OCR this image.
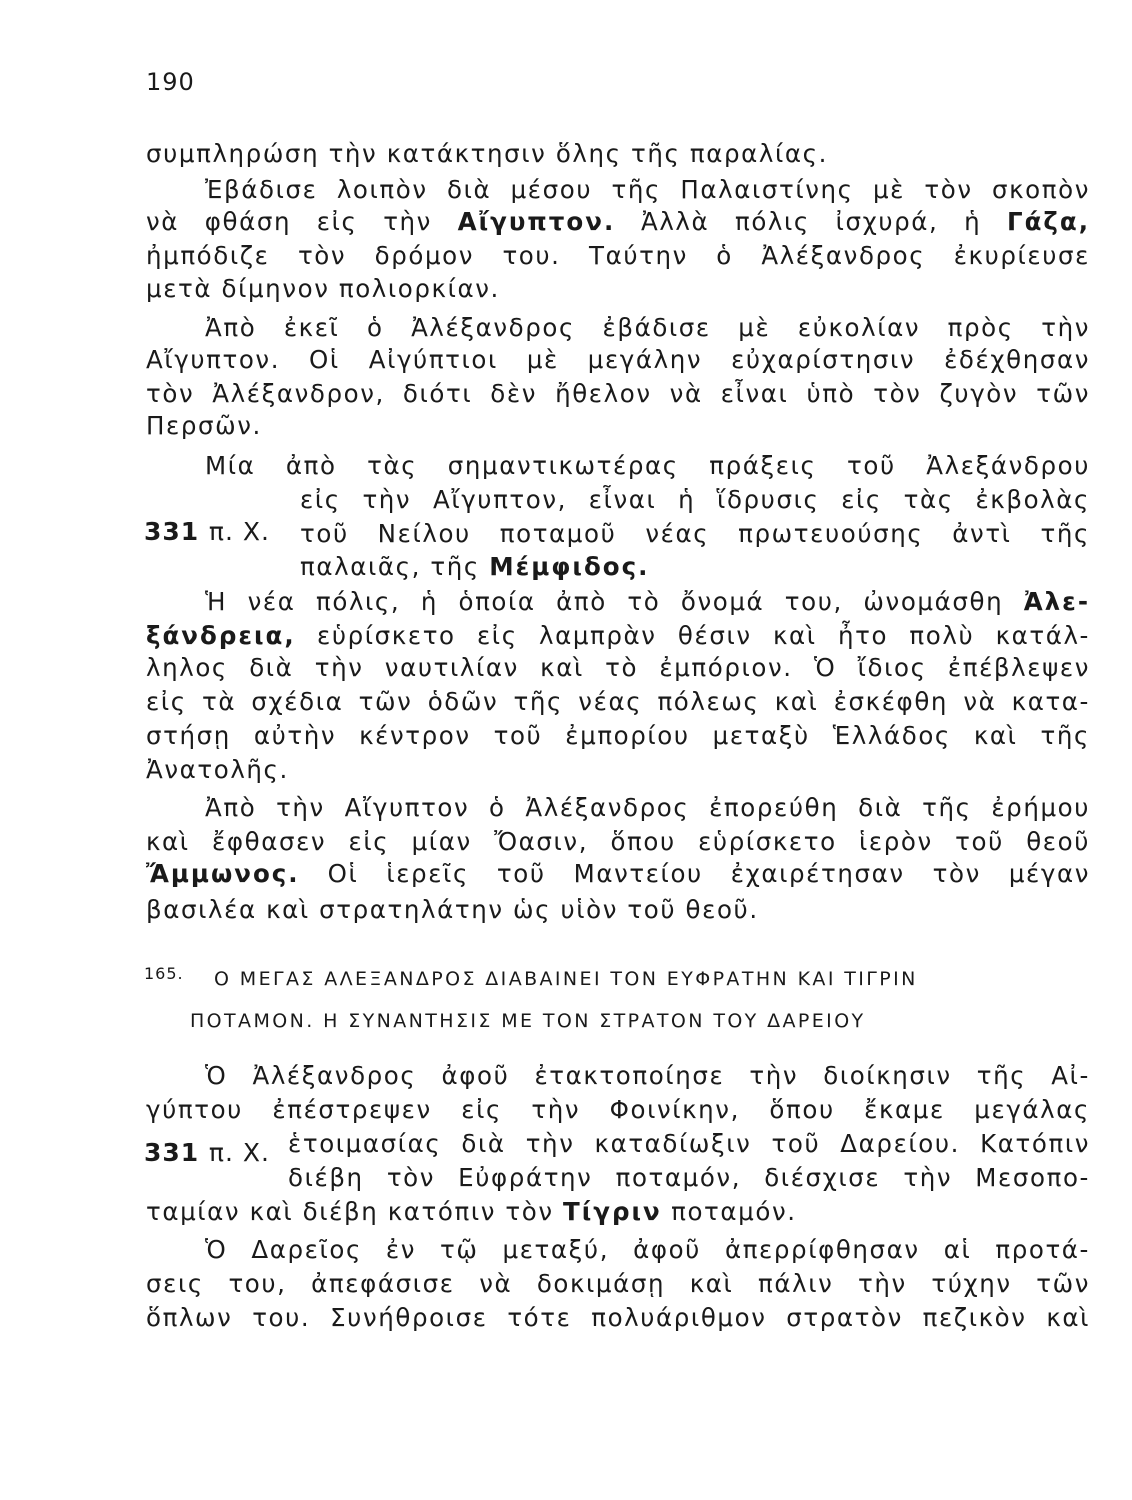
190
συμπληρώση τὴν κατάκτησιν ὅλης τῆς παραλίας.
Ἐβάδισε λοιπὸν διὰ μέσου τῆς Παλαιστίνης μὲ τὸν σκοπὸν
νὰ φθάση εἰς τὴν Αἴγυπτον. Ἀλλὰ πόλις ἰσχυρά, ἡ Γάζα,
ἠμπόδιζε τὸν δρόμον του. Ταύτην ὁ Ἀλέξανδρος ἐκυρίευσε
μετὰ δίμηνον πολιορκίαν.
Ἀπὸ ἐκεῖ ὁ Ἀλέξανδρος ἐβάδισε μὲ εὐκολίαν πρὸς τὴν
Αἴγυπτον. Οἱ Αἰγύπτιοι μὲ μεγάλην εὐχαρίστησιν ἐδέχθησαν
τὸν Ἀλέξανδρον, διότι δὲν ἤθελον νὰ εἶναι ὑπὸ τὸν ζυγὸν τῶν
Περσῶν.
Μία ἀπὸ τὰς σημαντικωτέρας πράξεις τοῦ Ἀλεξάνδρου
εἰς τὴν Αἴγυπτον, εἶναι ἡ ἵδρυσις εἰς τὰς ἐκβολὰς
τοῦ Νείλου ποταμοῦ νέας πρωτευούσης ἀντὶ τῆς
παλαιᾶς, τῆς Μέμφιδος.
331 π. Χ.
Ἡ νέα πόλις, ἡ ὁποία ἀπὸ τὸ ὄνομά του, ὠνομάσθη Ἀλε-
ξάνδρεια, εὑρίσκετο εἰς λαμπρὰν θέσιν καὶ ἦτο πολὺ κατάλ-
ληλος διὰ τὴν ναυτιλίαν καὶ τὸ ἐμπόριον. Ὁ ἴδιος ἐπέβλεψεν
εἰς τὰ σχέδια τῶν ὁδῶν τῆς νέας πόλεως καὶ ἐσκέφθη νὰ κατα-
στήσῃ αὐτὴν κέντρον τοῦ ἐμπορίου μεταξὺ Ἑλλάδος καὶ τῆς
Ἀνατολῆς.
Ἀπὸ τὴν Αἴγυπτον ὁ Ἀλέξανδρος ἐπορεύθη διὰ τῆς ἐρήμου
καὶ ἔφθασεν εἰς μίαν Ὄασιν, ὅπου εὑρίσκετο ἱερὸν τοῦ θεοῦ
Ἄμμωνος. Οἱ ἱερεῖς τοῦ Μαντείου ἐχαιρέτησαν τὸν μέγαν
βασιλέα καὶ στρατηλάτην ὡς υἱὸν τοῦ θεοῦ.
165. Ο ΜΕΓΑΣ ΑΛΕΞΑΝΔΡΟΣ ΔΙΑΒΑΙΝΕΙ ΤΟΝ ΕΥΦΡΑΤΗΝ ΚΑΙ ΤΙΓΡΙΝ
ΠΟΤΑΜΟΝ. Η ΣΥΝΑΝΤΗΣΙΣ ΜΕ ΤΟΝ ΣΤΡΑΤΟΝ ΤΟΥ ΔΑΡΕΙΟΥ
Ὁ Ἀλέξανδρος ἀφοῦ ἐτακτοποίησε τὴν διοίκησιν τῆς Αἰ-
γύπτου ἐπέστρεψεν εἰς τὴν Φοινίκην, ὅπου ἔκαμε μεγάλας
ἑτοιμασίας διὰ τὴν καταδίωξιν τοῦ Δαρείου. Κατόπιν
διέβη τὸν Εὐφράτην ποταμόν, διέσχισε τὴν Μεσοπο-
ταμίαν καὶ διέβη κατόπιν τὸν Τίγριν ποταμόν.
331 π. Χ.
Ὁ Δαρεῖος ἐν τῷ μεταξύ, ἀφοῦ ἀπερρίφθησαν αἱ προτά-
σεις του, ἀπεφάσισε νὰ δοκιμάσῃ καὶ πάλιν τὴν τύχην τῶν
ὅπλων του. Συνήθροισε τότε πολυάριθμον στρατὸν πεζικὸν καὶ
